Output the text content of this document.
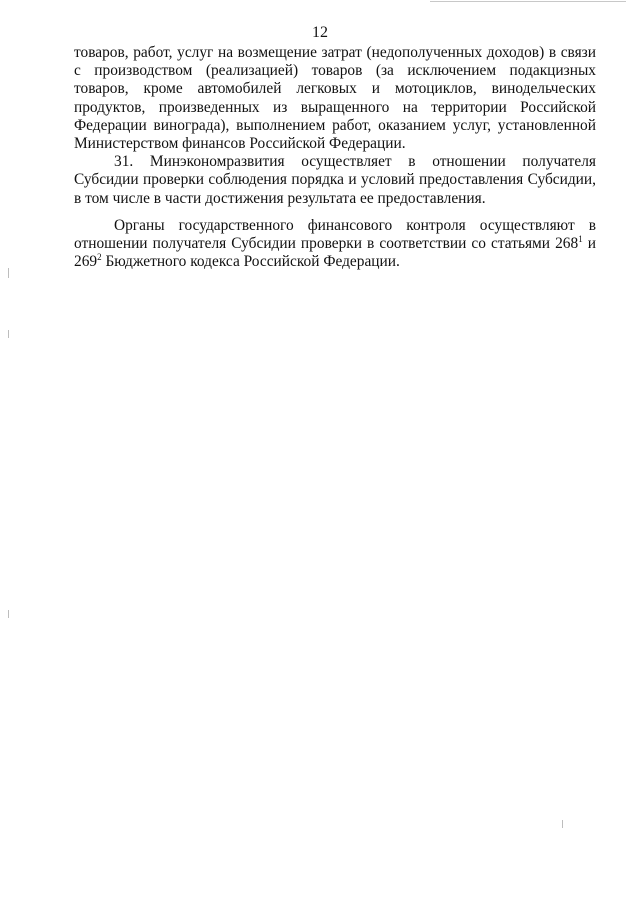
12

товаров, работ, услуг на возмещение затрат (недополученных доходов) в связи с производством (реализацией) товаров (за исключением подакцизных товаров, кроме автомобилей легковых и мотоциклов, винодельческих продуктов, произведенных из выращенного на территории Российской Федерации винограда), выполнением работ, оказанием услуг, установленной Министерством финансов Российской Федерации.

31. Минэкономразвития осуществляет в отношении получателя Субсидии проверки соблюдения порядка и условий предоставления Субсидии, в том числе в части достижения результата ее предоставления.

Органы государственного финансового контроля осуществляют в отношении получателя Субсидии проверки в соответствии со статьями $268^1$ и $269^2$ Бюджетного кодекса Российской Федерации.
